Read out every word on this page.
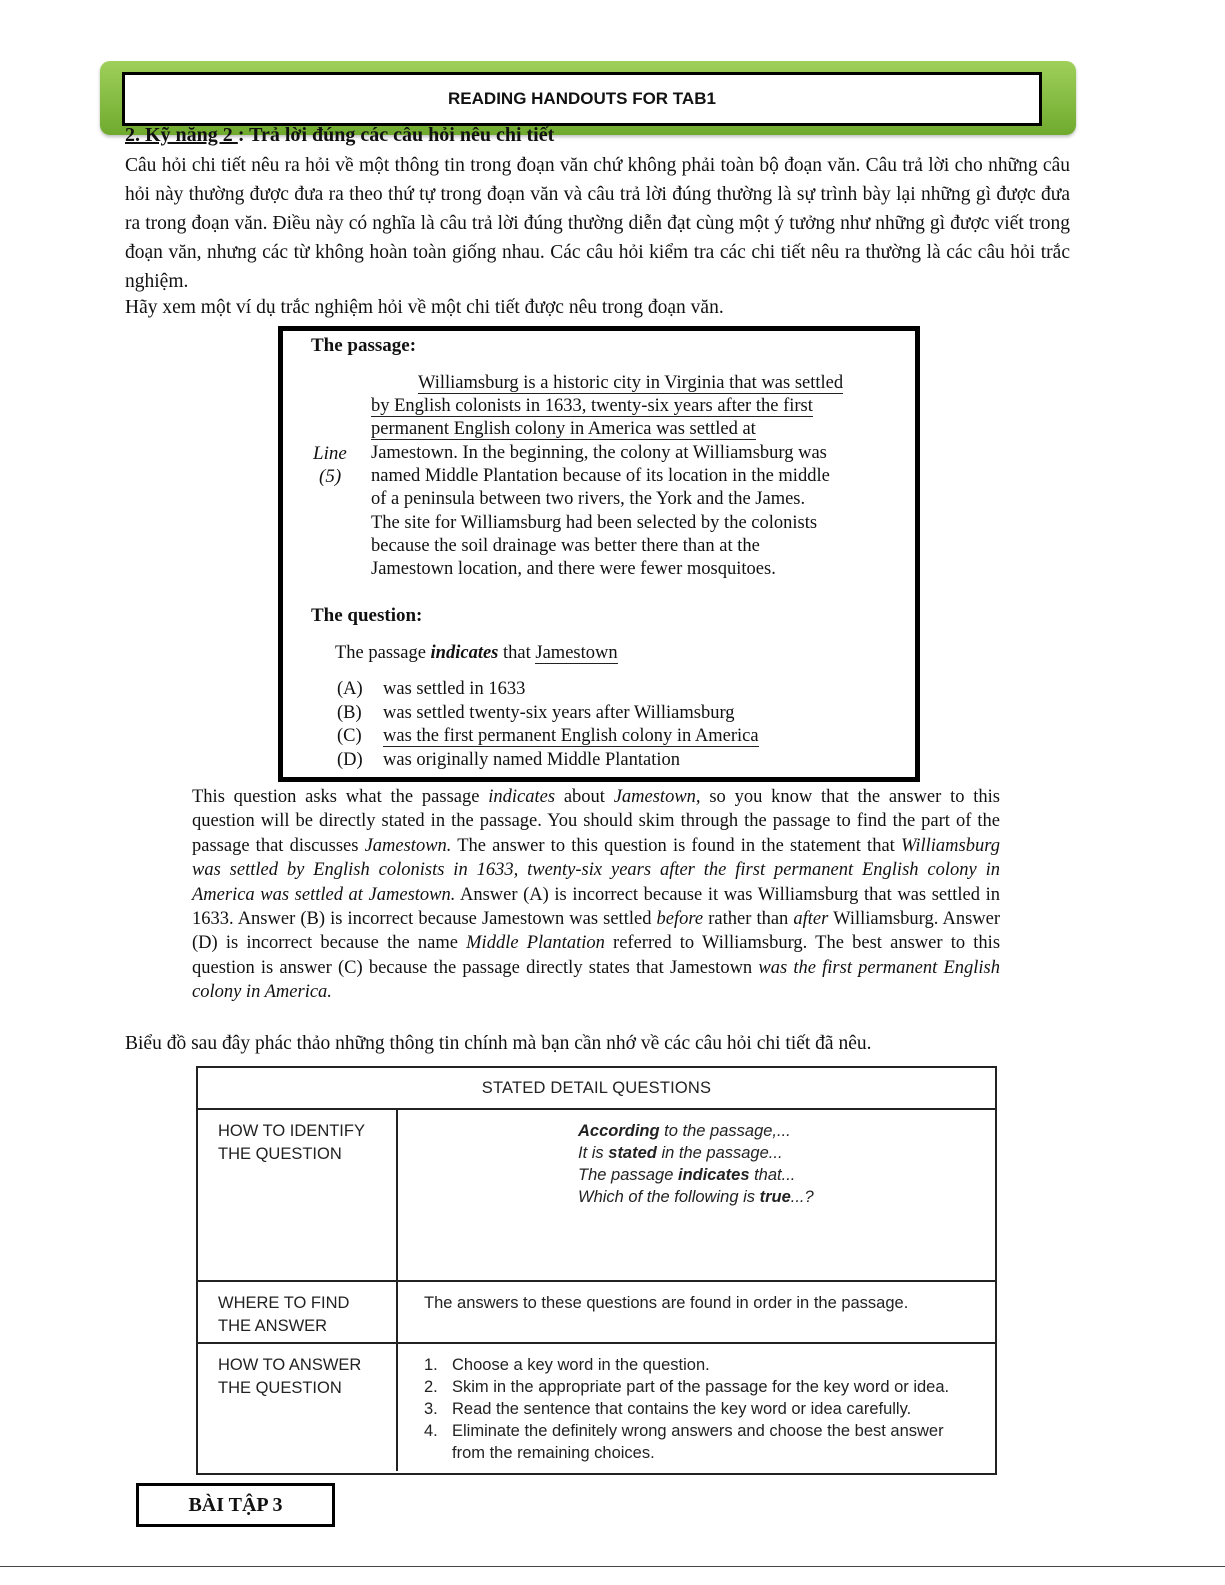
READING HANDOUTS FOR TAB1
2. Kỹ năng 2 : Trả lời đúng các câu hỏi nêu chi tiết
Câu hỏi chi tiết nêu ra hỏi về một thông tin trong đoạn văn chứ không phải toàn bộ đoạn văn. Câu trả lời cho những câu hỏi này thường được đưa ra theo thứ tự trong đoạn văn và câu trả lời đúng thường là sự trình bày lại những gì được đưa ra trong đoạn văn. Điều này có nghĩa là câu trả lời đúng thường diễn đạt cùng một ý tưởng như những gì được viết trong đoạn văn, nhưng các từ không hoàn toàn giống nhau. Các câu hỏi kiểm tra các chi tiết nêu ra thường là các câu hỏi trắc nghiệm.
Hãy xem một ví dụ trắc nghiệm hỏi về một chi tiết được nêu trong đoạn văn.
The passage:
Line
(5)
Williamsburg is a historic city in Virginia that was settled
by English colonists in 1633, twenty-six years after the first
permanent English colony in America was settled at
Jamestown. In the beginning, the colony at Williamsburg was
named Middle Plantation because of its location in the middle
of a peninsula between two rivers, the York and the James.
The site for Williamsburg had been selected by the colonists
because the soil drainage was better there than at the
Jamestown location, and there were fewer mosquitoes.
The question:
The passage indicates that Jamestown
(A) was settled in 1633
(B) was settled twenty-six years after Williamsburg
(C) was the first permanent English colony in America
(D) was originally named Middle Plantation
This question asks what the passage indicates about Jamestown, so you know that the answer to this question will be directly stated in the passage. You should skim through the passage to find the part of the passage that discusses Jamestown. The answer to this question is found in the statement that Williamsburg was settled by English colonists in 1633, twenty-six years after the first permanent English colony in America was settled at Jamestown. Answer (A) is incorrect because it was Williamsburg that was settled in 1633. Answer (B) is incorrect because Jamestown was settled before rather than after Williamsburg. Answer (D) is incorrect because the name Middle Plantation referred to Williamsburg. The best answer to this question is answer (C) because the passage directly states that Jamestown was the first permanent English colony in America.
Biểu đồ sau đây phác thảo những thông tin chính mà bạn cần nhớ về các câu hỏi chi tiết đã nêu.
STATED DETAIL QUESTIONS
HOW TO IDENTIFY
THE QUESTION
According to the passage,...
It is stated in the passage...
The passage indicates that...
Which of the following is true...?
WHERE TO FIND
THE ANSWER
The answers to these questions are found in order in the passage.
HOW TO ANSWER
THE QUESTION
1. Choose a key word in the question.
2. Skim in the appropriate part of the passage for the key word or idea.
3. Read the sentence that contains the key word or idea carefully.
4. Eliminate the definitely wrong answers and choose the best answer from the remaining choices.
BÀI TẬP 3
